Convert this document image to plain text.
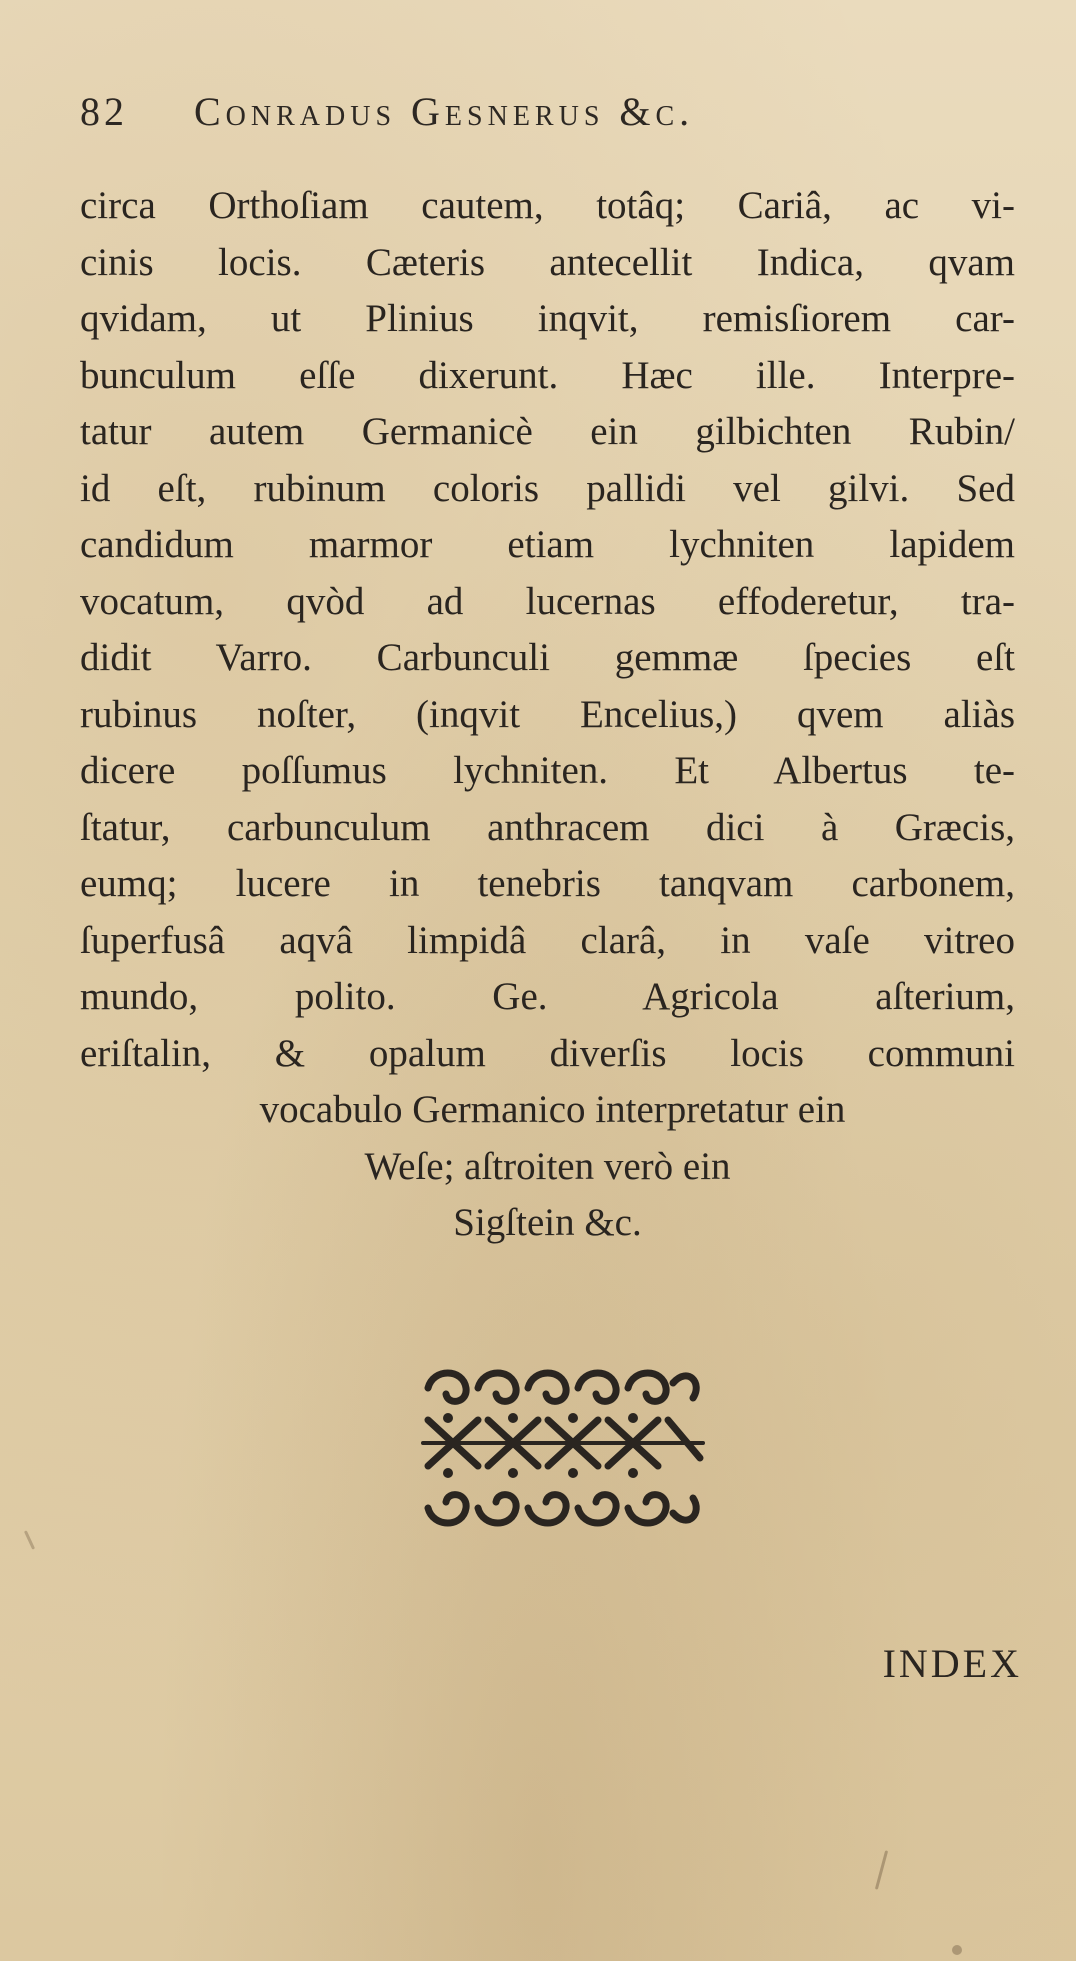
82 Conradus Gesnerus &c.
circa Orthoſiam cautem, totâq; Cariâ, ac vi-
cinis locis. Cæteris antecellit Indica, qvam
qvidam, ut Plinius inqvit, remisſiorem car-
bunculum eſſe dixerunt. Hæc ille. Interpre-
tatur autem Germanicè ein gilbichten Rubin/
id eſt, rubinum coloris pallidi vel gilvi. Sed
candidum marmor etiam lychniten lapidem
vocatum, qvòd ad lucernas effoderetur, tra-
didit Varro. Carbunculi gemmæ ſpecies eſt
rubinus noſter, (inqvit Encelius,) qvem aliàs
dicere poſſumus lychniten. Et Albertus te-
ſtatur, carbunculum anthracem dici à Græcis,
eumq; lucere in tenebris tanqvam carbonem,
ſuperfusâ aqvâ limpidâ clarâ, in vaſe vitreo
mundo, polito. Ge. Agricola aſterium,
eriſtalin, & opalum diverſis locis communi
vocabulo Germanico interpretatur ein
Weſe; aſtroiten verò ein
Sigſtein &c.
INDEX
